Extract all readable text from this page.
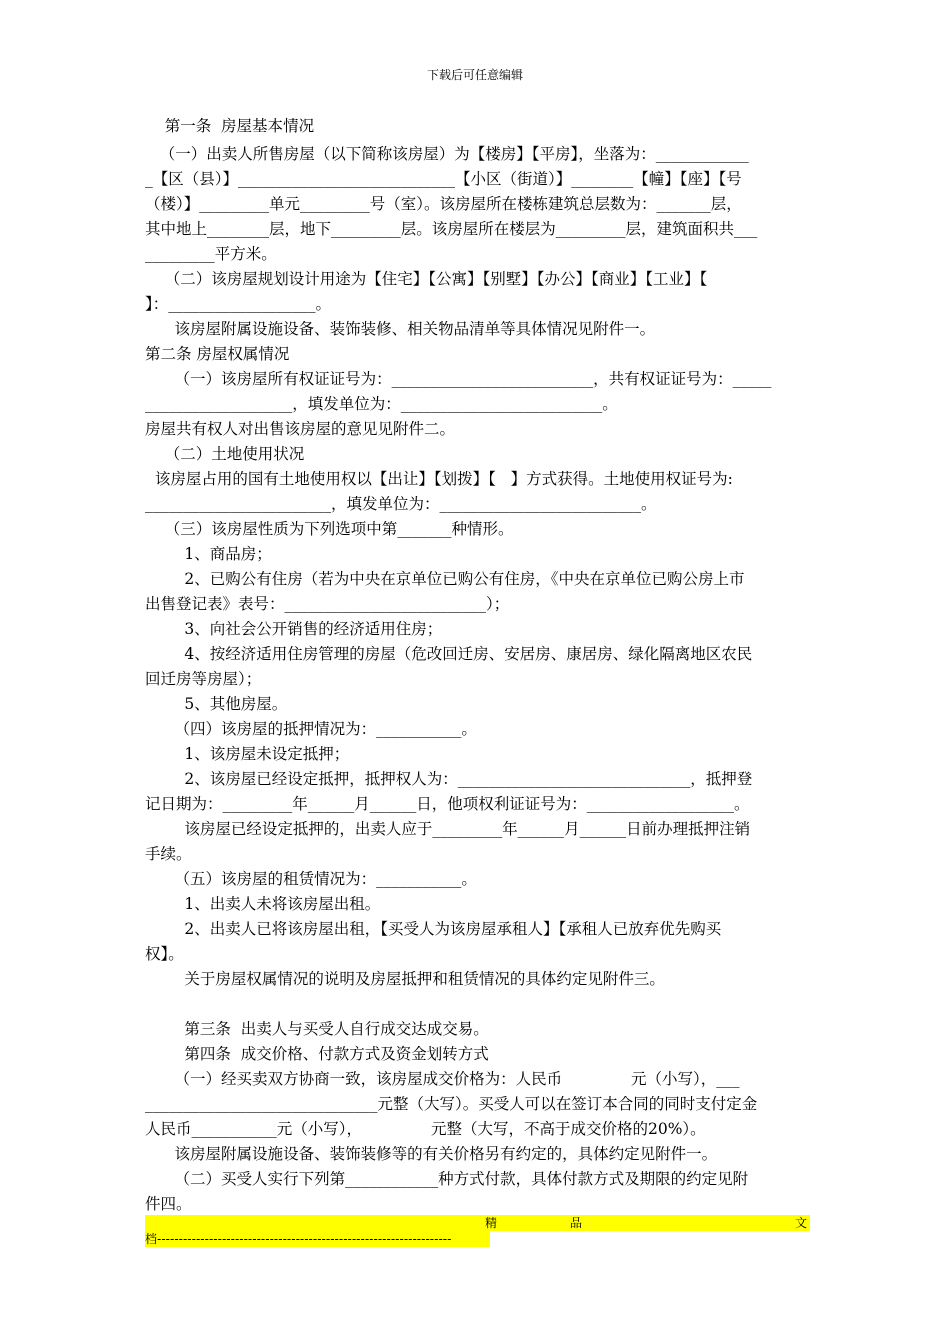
下载后可任意编辑
第一条  房屋基本情况
（一）出卖人所售房屋（以下简称该房屋）为【楼房】【平房】，坐落为：____________
_【区（县）】____________________________【小区（街道）】________【幢】【座】【号
（楼）】_________单元_________号（室）。该房屋所在楼栋建筑总层数为：_______层，
其中地上________层，地下_________层。该房屋所在楼层为_________层，建筑面积共___
_________平方米。
（二）该房屋规划设计用途为【住宅】【公寓】【别墅】【办公】【商业】【工业】【
】：___________________。
该房屋附属设施设备、装饰装修、相关物品清单等具体情况见附件一。
第二条 房屋权属情况
（一）该房屋所有权证证号为：__________________________，共有权证证号为：_____
___________________，填发单位为：__________________________。
房屋共有权人对出售该房屋的意见见附件二。
（二）土地使用状况
该房屋占用的国有土地使用权以【出让】【划拨】【   】方式获得。土地使用权证号为:
________________________，填发单位为：__________________________。
（三）该房屋性质为下列选项中第_______种情形。
1、商品房；
2、已购公有住房（若为中央在京单位已购公有住房，《中央在京单位已购公房上市
出售登记表》表号：__________________________）；
3、向社会公开销售的经济适用住房；
4、按经济适用住房管理的房屋（危改回迁房、安居房、康居房、绿化隔离地区农民
回迁房等房屋）；
5、其他房屋。
（四）该房屋的抵押情况为：___________。
1、该房屋未设定抵押；
2、该房屋已经设定抵押，抵押权人为：______________________________，抵押登
记日期为：_________年______月______日，他项权利证证号为：___________________。
该房屋已经设定抵押的，出卖人应于_________年______月______日前办理抵押注销
手续。
（五）该房屋的租赁情况为：___________。
1、出卖人未将该房屋出租。
2、出卖人已将该房屋出租，【买受人为该房屋承租人】【承租人已放弃优先购买
权】。
关于房屋权属情况的说明及房屋抵押和租赁情况的具体约定见附件三。
第三条  出卖人与买受人自行成交达成交易。
第四条  成交价格、付款方式及资金划转方式
（一）经买卖双方协商一致，该房屋成交价格为：人民币              元（小写），___
______________________________元整（大写）。买受人可以在签订本合同的同时支付定金
人民币___________元（小写），              元整（大写，不高于成交价格的20%）。
该房屋附属设施设备、装饰装修等的有关价格另有约定的，具体约定见附件一。
（二）买受人实行下列第____________种方式付款，具体付款方式及期限的约定见附
件四。

精

	品

	文

档--------------------------------------------------------------------
